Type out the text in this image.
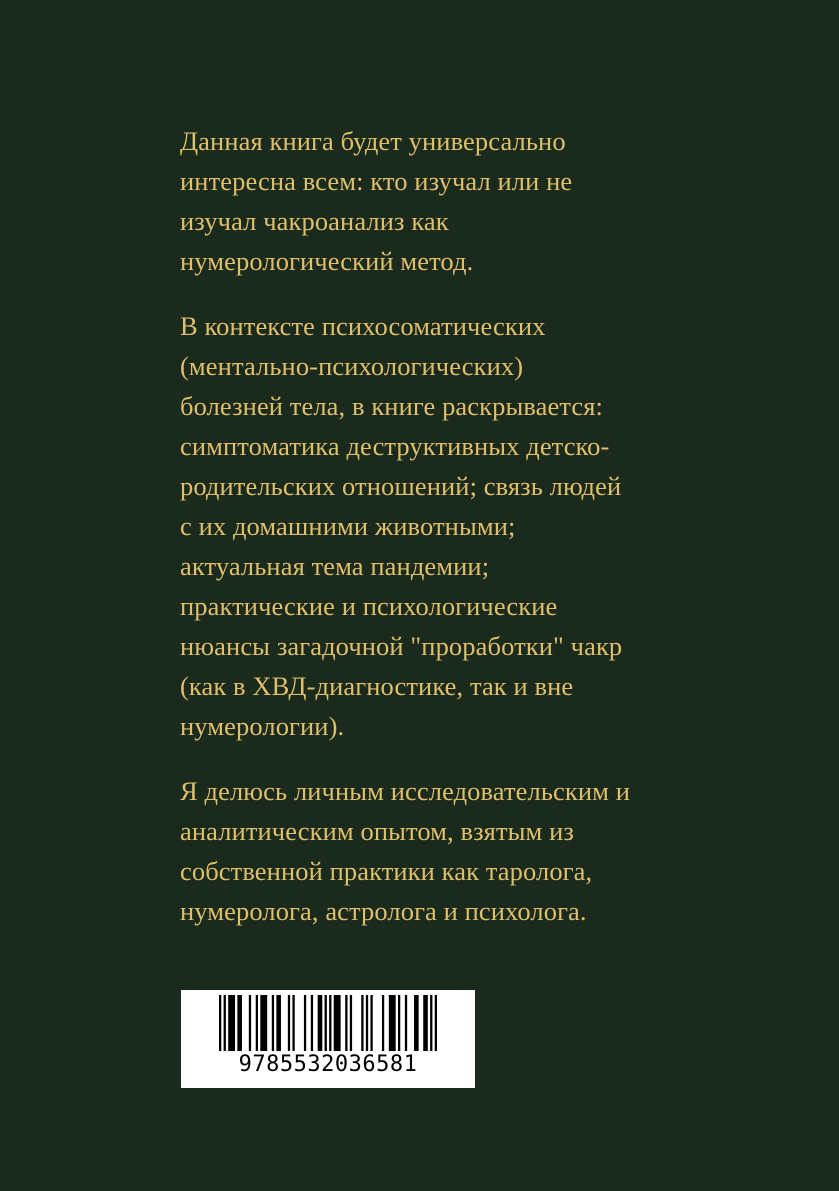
Данная книга будет универсально
интересна всем: кто изучал или не
изучал чакроанализ как
нумерологический метод.
В контексте психосоматических
(ментально-психологических)
болезней тела, в книге раскрывается:
симптоматика деструктивных детско-
родительских отношений; связь людей
с их домашними животными;
актуальная тема пандемии;
практические и психологические
нюансы загадочной "проработки" чакр
(как в ХВД-диагностике, так и вне
нумерологии).
Я делюсь личным исследовательским и
аналитическим опытом, взятым из
собственной практики как таролога,
нумеролога, астролога и психолога.
9785532036581
